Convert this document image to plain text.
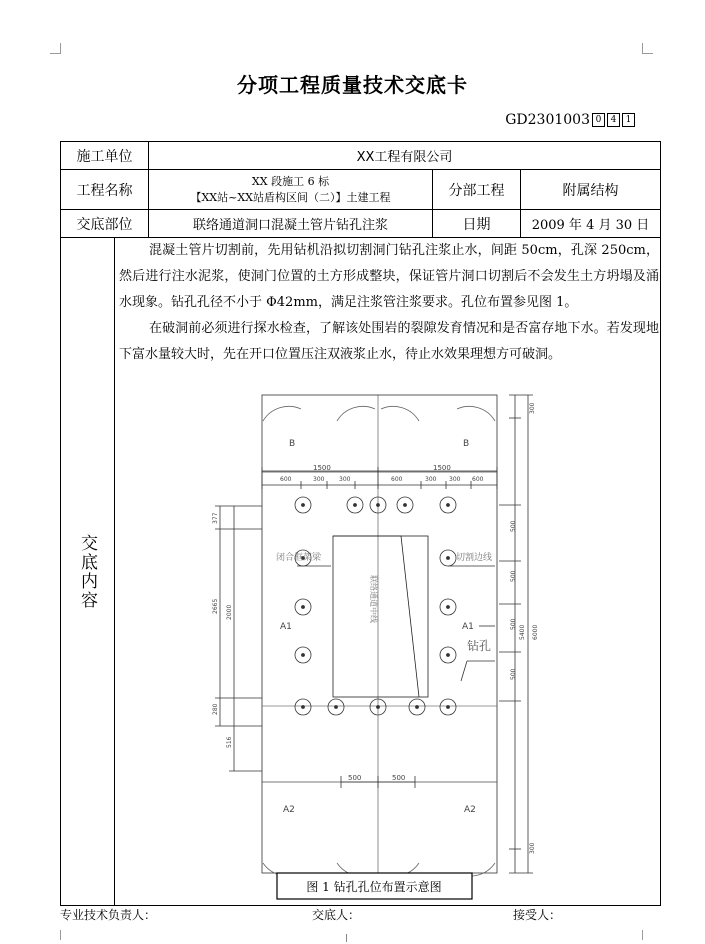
分项工程质量技术交底卡
GD2301003 0	4	1
施工单位	XX工程有限公司
工程名称
XX 段施工 6 标
【XX站~XX站盾构区间（二）】土建工程	分部工程	附属结构
交底部位	联络通道洞口混凝土管片钻孔注浆	日期	2009 年 4 月 30 日
交底内容
混凝土管片切割前，先用钻机沿拟切割洞门钻孔注浆止水，间距 50cm，孔深 250cm，然后进行注水泥浆，使洞门位置的土方形成整块，保证管片洞口切割后不会发生土方坍塌及涌水现象。钻孔孔径不小于 Φ42mm，满足注浆管注浆要求。孔位布置参见图 1。
在破洞前必须进行探水检查，了解该处围岩的裂隙发育情况和是否富存地下水。若发现地下富水量较大时，先在开口位置压注双液浆止水，待止水效果理想方可破洞。
B	B
A1	A1
A2	A2
1500	1500
600	300 300	600	300 300 600
500	500
闭合框架梁	切割边线
钻孔
联络通道中线
377
2000
2665
280
516
300
500
500
500
500
5400 6000
300
图 1 钻孔孔位布置示意图
专业技术负责人：	交底人：	接受人：
